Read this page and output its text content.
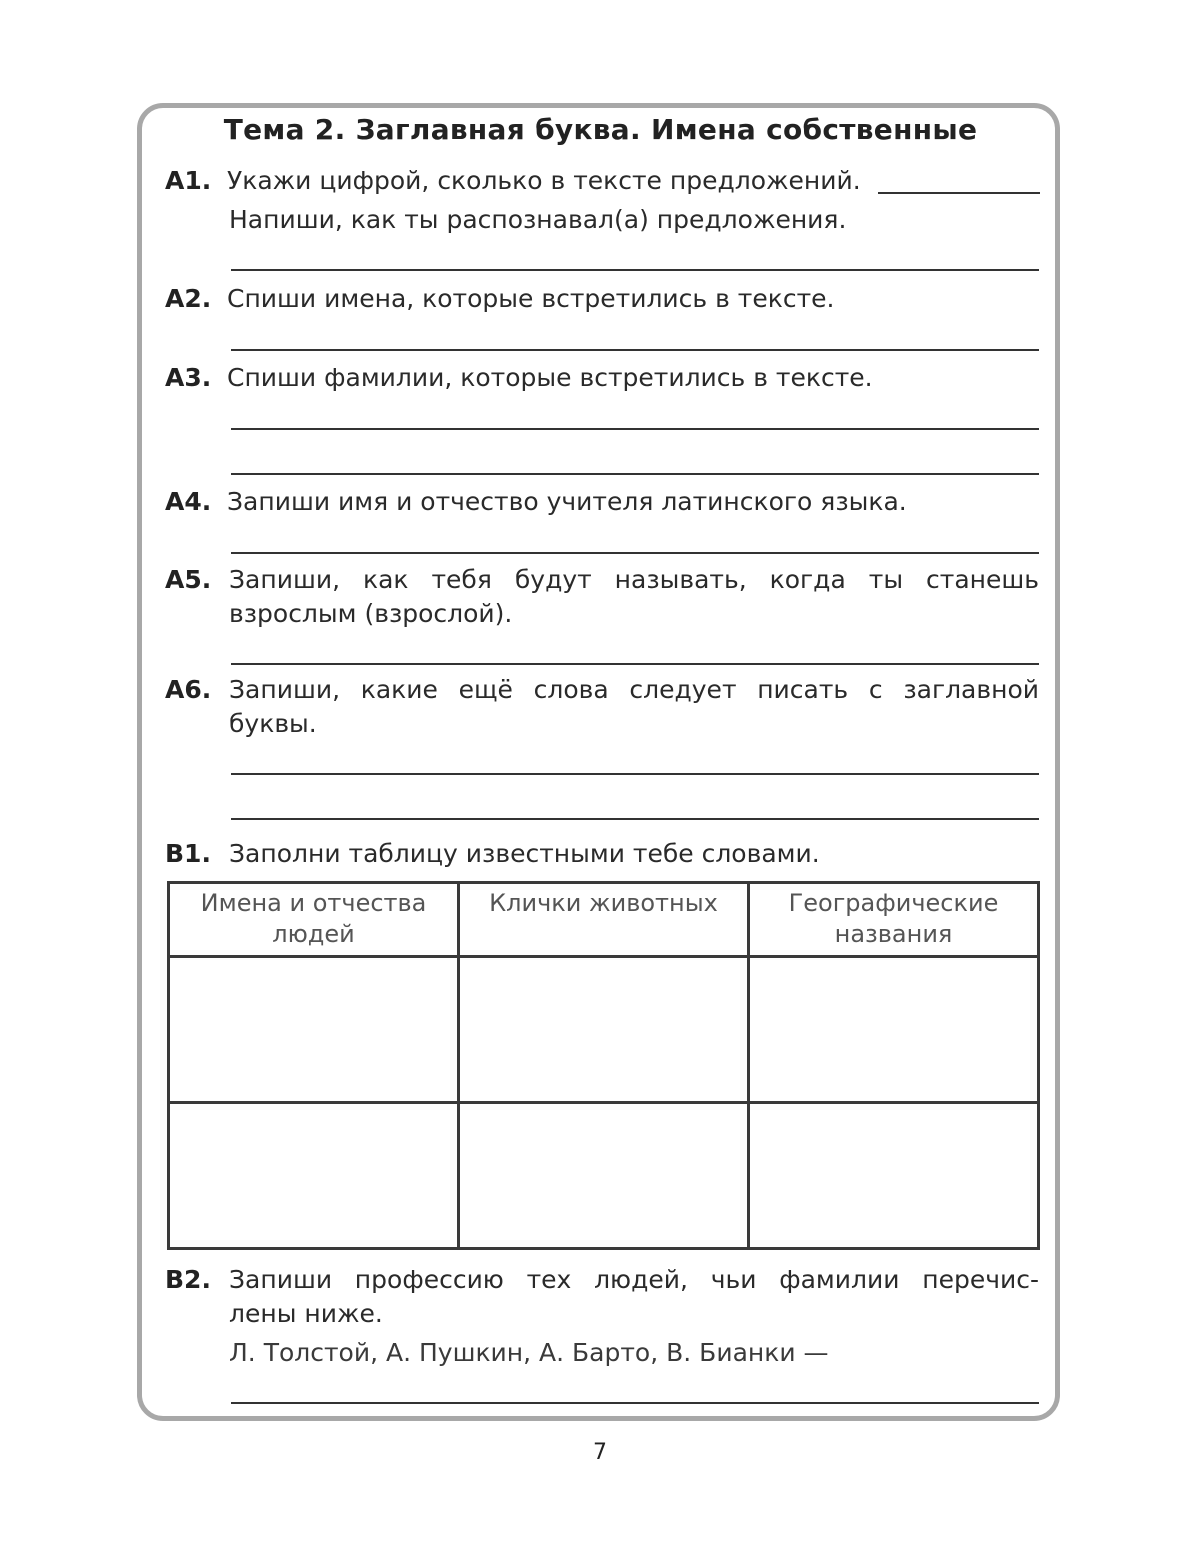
Тема 2. Заглавная буква. Имена собственные
А1. Укажи цифрой, сколько в тексте предложений.
Напиши, как ты распознавал(а) предложения.
А2. Спиши имена, которые встретились в тексте.
А3. Спиши фамилии, которые встретились в тексте.
А4. Запиши имя и отчество учителя латинского языка.
А5. Запиши, как тебя будут называть, когда ты станешь
взрослым (взрослой).
А6. Запиши, какие ещё слова следует писать с заглавной
буквы.
В1. Заполни таблицу известными тебе словами.
Имена и отчества
людей	Клички животных	Географические
названия

В2. Запиши профессию тех людей, чьи фамилии перечис-
лены ниже.
Л. Толстой, А. Пушкин, А. Барто, В. Бианки —
7
